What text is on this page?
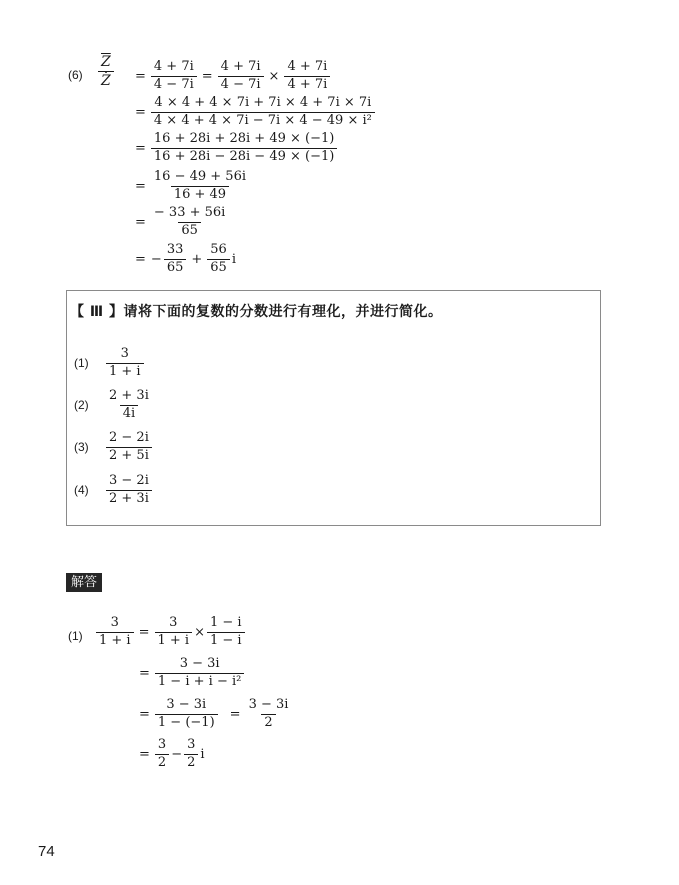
$(6) \frac{\overline{Z}}{Z}$	= $\frac{4 + 7i}{4 - 7i} = \frac{4 + 7i}{4 - 7i} \times \frac{4 + 7i}{4 + 7i}$
= $\frac{4 \times 4 + 4 \times 7i + 7i \times 4 + 7i \times 7i}{\text{4 × 4 + 4 × 7i − 7i × 4 − 49 × i²}}$
= $\frac{16 + 28i + 28i + 49 \times (-1)}{16 + 28i - 28i - 49 \times (-1)}$
= $\frac{16 - 49 + 56i}{16 + 49}$
= $\frac{- 33 + 56i}{65}$
= − $\frac{33}{65} + \frac{56}{65}$ i
【 Ⅲ 】请将下面的复数的分数进行有理化，并进行简化。
(1)	$\frac{3}{1 + i}$
(2)	$\frac{2 + 3i}{4i}$
(3)	$\frac{2 - 2i}{2 + 5i}$
(4)	$\frac{3 - 2i}{2 + 3i}$
解答
$(1) \frac{3}{1 + i} = \frac{3}{1 + i} \times \frac{1 - i}{1 - i}$
= $\frac{3 - 3i}{\text{1 − i + i − i²}}$
= $\frac{3 - 3i}{1 - (-1)} = \frac{3 - 3i}{2}$
= $\frac{3}{2} - \frac{3}{2}$ i
74
